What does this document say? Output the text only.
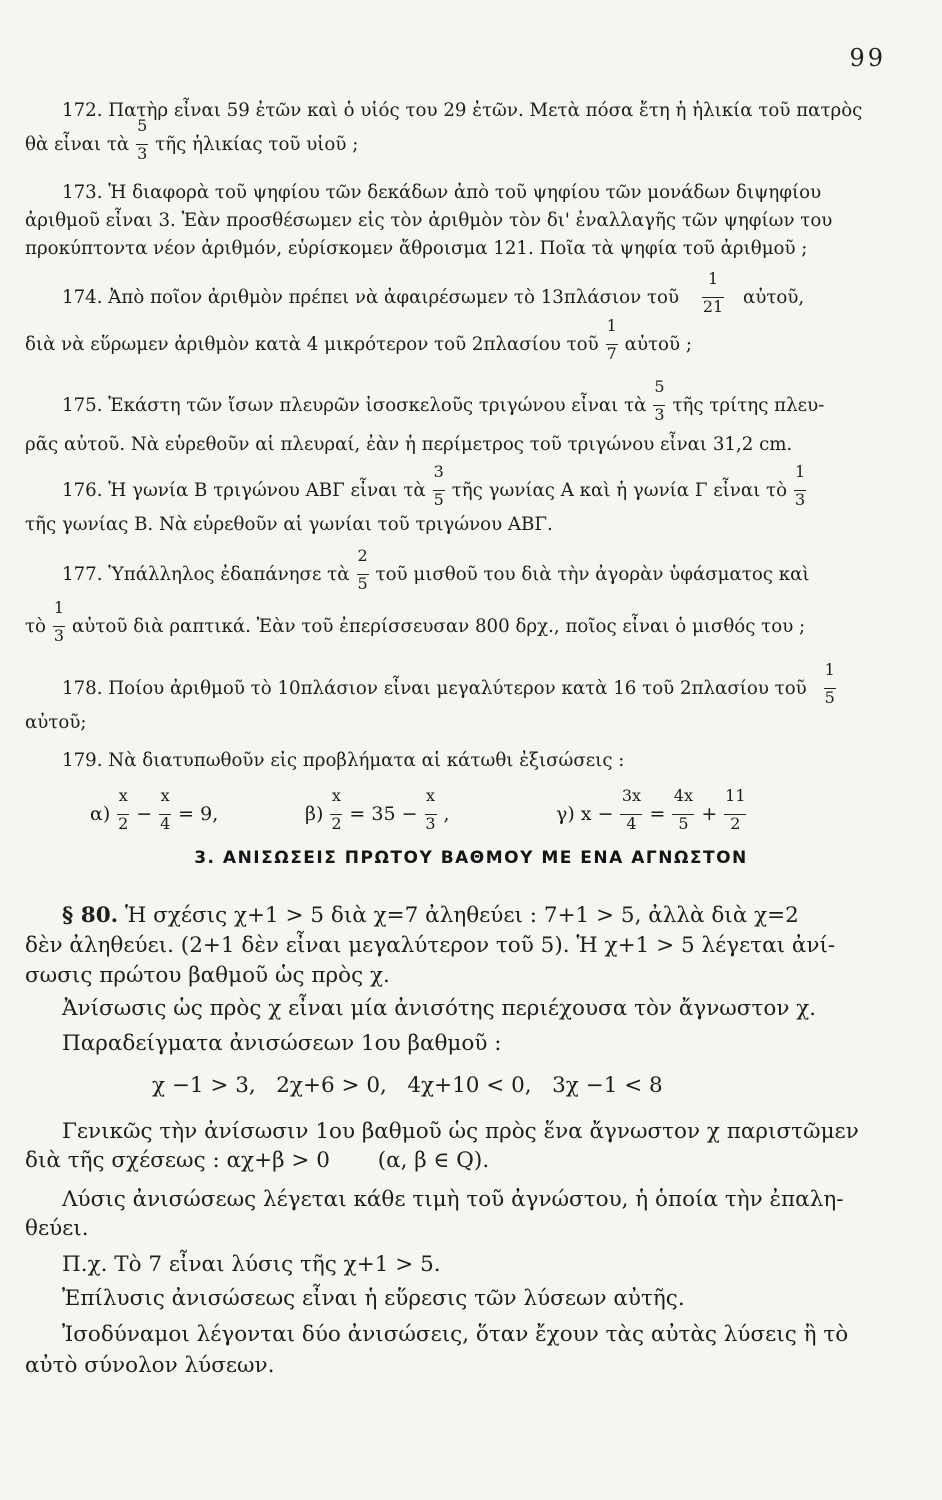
99
172. Πατὴρ εἶναι 59 ἐτῶν καὶ ὁ υἱός του 29 ἐτῶν. Μετὰ πόσα ἔτη ἡ ἡλικία τοῦ πατρὸς
θὰ εἶναι τὰ $\frac{5}{3}$ τῆς ἡλικίας τοῦ υἱοῦ ;
173. Ἡ διαφορὰ τοῦ ψηφίου τῶν δεκάδων ἀπὸ τοῦ ψηφίου τῶν μονάδων διψηφίου
ἀριθμοῦ εἶναι 3. Ἐὰν προσθέσωμεν εἰς τὸν ἀριθμὸν τὸν δι' ἐναλλαγῆς τῶν ψηφίων του
προκύπτοντα νέον ἀριθμόν, εὑρίσκομεν ἄθροισμα 121. Ποῖα τὰ ψηφία τοῦ ἀριθμοῦ ;
174. Ἀπὸ ποῖον ἀριθμὸν πρέπει νὰ ἀφαιρέσωμεν τὸ 13πλάσιον τοῦ $\frac{1}{21}$ αὐτοῦ,
διὰ νὰ εὕρωμεν ἀριθμὸν κατὰ 4 μικρότερον τοῦ 2πλασίου τοῦ $\frac{1}{7}$ αὐτοῦ ;
175. Ἑκάστη τῶν ἴσων πλευρῶν ἰσοσκελοῦς τριγώνου εἶναι τὰ $\frac{5}{3}$ τῆς τρίτης πλευ-
ρᾶς αὐτοῦ. Νὰ εὑρεθοῦν αἱ πλευραί, ἐὰν ἡ περίμετρος τοῦ τριγώνου εἶναι 31,2 cm.
176. Ἡ γωνία Β τριγώνου ΑΒΓ εἶναι τὰ $\frac{3}{5}$ τῆς γωνίας Α καὶ ἡ γωνία Γ εἶναι τὸ $\frac{1}{3}$
τῆς γωνίας Β. Νὰ εὑρεθοῦν αἱ γωνίαι τοῦ τριγώνου ΑΒΓ.
177. Ὑπάλληλος ἐδαπάνησε τὰ $\frac{2}{5}$ τοῦ μισθοῦ του διὰ τὴν ἀγορὰν ὑφάσματος καὶ
τὸ $\frac{1}{3}$ αὐτοῦ διὰ ραπτικά. Ἐὰν τοῦ ἐπερίσσευσαν 800 δρχ., ποῖος εἶναι ὁ μισθός του ;
178. Ποίου ἀριθμοῦ τὸ 10πλάσιον εἶναι μεγαλύτερον κατὰ 16 τοῦ 2πλασίου τοῦ $\frac{1}{5}$
αὐτοῦ;
179. Νὰ διατυπωθοῦν εἰς προβλήματα αἱ κάτωθι ἐξισώσεις :
$\alpha) \frac{x}{2} - \frac{x}{4} = 9$,	$\beta) \frac{x}{2} = 35 - \frac{x}{3}$ ,	γ) $x - \frac{3x}{4} = \frac{4x}{5} + \frac{11}{2}$
3. ΑΝΙΣΩΣΕΙΣ ΠΡΩΤΟΥ ΒΑΘΜΟΥ ΜΕ ΕΝΑ ΑΓΝΩΣΤΟΝ
§ 80. Ἡ σχέσις χ+1 > 5 διὰ χ=7 ἀληθεύει : 7+1 > 5, ἀλλὰ διὰ χ=2
δὲν ἀληθεύει. (2+1 δὲν εἶναι μεγαλύτερον τοῦ 5). Ἡ χ+1 > 5 λέγεται ἀνί-
σωσις πρώτου βαθμοῦ ὡς πρὸς χ.
Ἀνίσωσις ὡς πρὸς χ εἶναι μία ἀνισότης περιέχουσα τὸν ἄγνωστον χ.
Παραδείγματα ἀνισώσεων 1ου βαθμοῦ :
χ −1 > 3,   2χ+6 > 0,   4χ+10 < 0,   3χ −1 < 8
Γενικῶς τὴν ἀνίσωσιν 1ου βαθμοῦ ὡς πρὸς ἕνα ἄγνωστον χ παριστῶμεν
διὰ τῆς σχέσεως : αχ+β > 0       (α, β ∈ Q).
Λύσις ἀνισώσεως λέγεται κάθε τιμὴ τοῦ ἀγνώστου, ἡ ὁποία τὴν ἐπαλη-
θεύει.
Π.χ. Τὸ 7 εἶναι λύσις τῆς χ+1 > 5.
Ἐπίλυσις ἀνισώσεως εἶναι ἡ εὕρεσις τῶν λύσεων αὐτῆς.
Ἰσοδύναμοι λέγονται δύο ἀνισώσεις, ὅταν ἔχουν τὰς αὐτὰς λύσεις ἢ τὸ
αὐτὸ σύνολον λύσεων.
